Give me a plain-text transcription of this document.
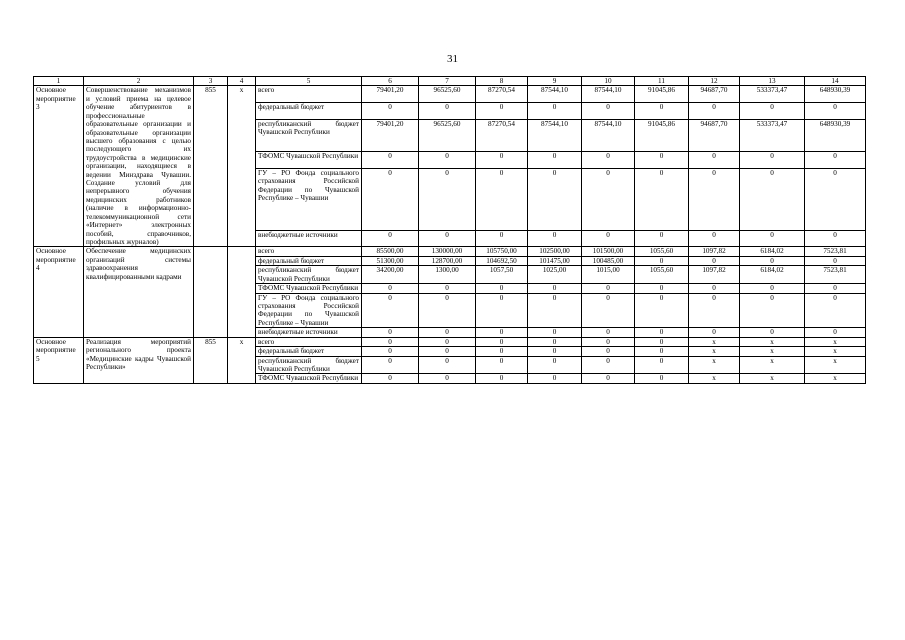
31
1	2	3	4	5	6	7	8	9	10	11	12	13	14
Основное мероприятие 3	Совершенствование механизмов и условий приема на целевое обучение абитуриентов в профессиональные образовательные организации и образовательные организации высшего образования с целью последующего их трудоустройства в медицинские организации, находящиеся в ведении Минздрава Чувашии. Создание условий для непрерывного обучения медицинских работников (наличие в информационно-телекоммуникационной сети «Интернет» электронных пособий, справочников, профильных журналов)	855	x	всего	79401,20	96525,60	87270,54	87544,10	87544,10	91045,86	94687,70	533373,47	648930,39
				федеральный бюджет	0	0	0	0	0	0	0	0	0
				республиканский бюджет Чувашской Республики	79401,20	96525,60	87270,54	87544,10	87544,10	91045,86	94687,70	533373,47	648930,39
				ТФОМС Чувашской Республики	0	0	0	0	0	0	0	0	0
				ГУ – РО Фонда социального страхования Российской Федерации по Чувашской Республике – Чувашии	0	0	0	0	0	0	0	0	0
				внебюджетные источники	0	0	0	0	0	0	0	0	0
Основное мероприятие 4	Обеспечение медицинских организаций системы здравоохранения квалифицированными кадрами			всего	85500,00	130000,00	105750,00	102500,00	101500,00	1055,60	1097,82	6184,02	7523,81
				федеральный бюджет	51300,00	128700,00	104692,50	101475,00	100485,00	0	0	0	0
				республиканский бюджет Чувашской Республики	34200,00	1300,00	1057,50	1025,00	1015,00	1055,60	1097,82	6184,02	7523,81
				ТФОМС Чувашской Республики	0	0	0	0	0	0	0	0	0
				ГУ – РО Фонда социального страхования Российской Федерации по Чувашской Республике – Чувашии	0	0	0	0	0	0	0	0	0
				внебюджетные источники	0	0	0	0	0	0	0	0	0
Основное мероприятие 5	Реализация мероприятий регионального проекта «Медицинские кадры Чувашской Республики»	855	x	всего	0	0	0	0	0	0	x	x	x
				федеральный бюджет	0	0	0	0	0	0	x	x	x
				республиканский бюджет Чувашской Республики	0	0	0	0	0	0	x	x	x
				ТФОМС Чувашской Республики	0	0	0	0	0	0	x	x	x
